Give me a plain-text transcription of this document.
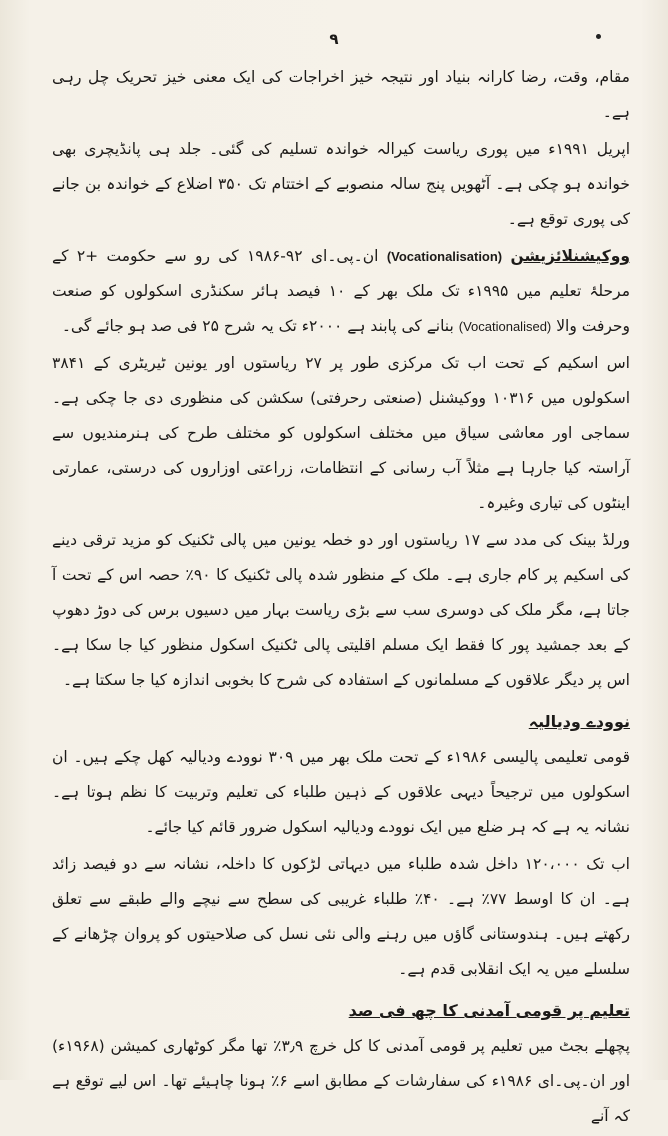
۹

مقام، وقت، رضا کارانہ بنیاد اور نتیجہ خیز اخراجات کی ایک معنی خیز تحریک چل رہی ہے۔

اپریل ۱۹۹۱ء میں پوری ریاست کیرالہ خواندہ تسلیم کی گئی۔ جلد ہی پانڈیچری بھی خواندہ ہو چکی ہے۔ آٹھویں پنج سالہ منصوبے کے اختتام تک ۳۵۰ اضلاع کے خواندہ بن جانے کی پوری توقع ہے۔

ووکیشنلائزیشن (Vocationalisation) ان۔پی۔ای ۹۲-۱۹۸۶ کی رو سے حکومت +۲ کے مرحلۂ تعلیم میں ۱۹۹۵ء تک ملک بھر کے ۱۰ فیصد ہائر سکنڈری اسکولوں کو صنعت وحرفت والا (Vocationalised) بنانے کی پابند ہے ۲۰۰۰ء تک یہ شرح ۲۵ فی صد ہو جائے گی۔

اس اسکیم کے تحت اب تک مرکزی طور پر ۲۷ ریاستوں اور یونین ٹیریٹری کے ۳۸۴۱ اسکولوں میں ۱۰۳۱۶ ووکیشنل (صنعتی رحرفتی) سکشن کی منظوری دی جا چکی ہے۔ سماجی اور معاشی سیاق میں مختلف اسکولوں کو مختلف طرح کی ہنرمندیوں سے آراستہ کیا جارہا ہے مثلاً آب رسانی کے انتظامات، زراعتی اوزاروں کی درستی، عمارتی اینٹوں کی تیاری وغیرہ۔

ورلڈ بینک کی مدد سے ۱۷ ریاستوں اور دو خطہ یونین میں پالی ٹکنیک کو مزید ترقی دینے کی اسکیم پر کام جاری ہے۔ ملک کے منظور شدہ پالی ٹکنیک کا ۹۰٪ حصہ اس کے تحت آ جاتا ہے، مگر ملک کی دوسری سب سے بڑی ریاست بہار میں دسیوں برس کی دوڑ دھوپ کے بعد جمشید پور کا فقط ایک مسلم اقلیتی پالی ٹکنیک اسکول منظور کیا جا سکا ہے۔ اس پر دیگر علاقوں کے مسلمانوں کے استفادہ کی شرح کا بخوبی اندازہ کیا جا سکتا ہے۔

نوودے ودیالیہ

قومی تعلیمی پالیسی ۱۹۸۶ء کے تحت ملک بھر میں ۳۰۹ نوودے ودیالیہ کھل چکے ہیں۔ ان اسکولوں میں ترجیحاً دیہی علاقوں کے ذہین طلباء کی تعلیم وتربیت کا نظم ہوتا ہے۔ نشانہ یہ ہے کہ ہر ضلع میں ایک نوودے ودیالیہ اسکول ضرور قائم کیا جائے۔

اب تک ۱۲۰،۰۰۰ داخل شدہ طلباء میں دیہاتی لڑکوں کا داخلہ، نشانہ سے دو فیصد زائد ہے۔ ان کا اوسط ۷۷٪ ہے۔ ۴۰٪ طلباء غریبی کی سطح سے نیچے والے طبقے سے تعلق رکھتے ہیں۔ ہندوستانی گاؤں میں رہنے والی نئی نسل کی صلاحیتوں کو پروان چڑھانے کے سلسلے میں یہ ایک انقلابی قدم ہے۔

تعلیم پر قومی آمدنی کا چھ فی صد

پچھلے بجٹ میں تعلیم پر قومی آمدنی کا کل خرچ ۳٫۹٪ تھا مگر کوٹھاری کمیشن (۱۹۶۸ء) اور ان۔پی۔ای ۱۹۸۶ء کی سفارشات کے مطابق اسے ۶٪ ہونا چاہیئے تھا۔ اس لیے توقع ہے کہ آنے
